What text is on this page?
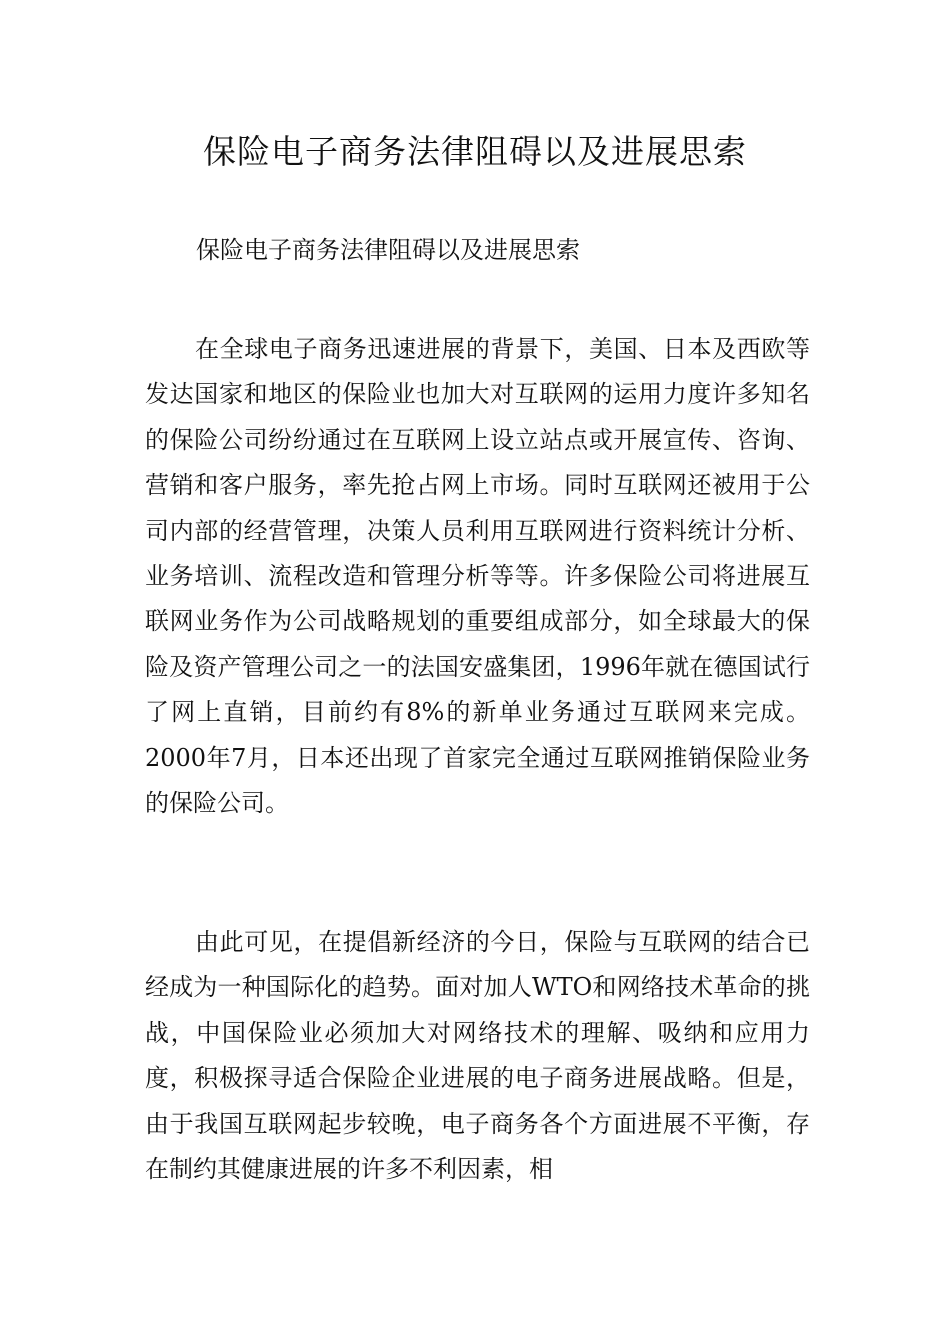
保险电子商务法律阻碍以及进展思索

保险电子商务法律阻碍以及进展思索

在全球电子商务迅速进展的背景下，美国、日本及西欧等发达国家和地区的保险业也加大对互联网的运用力度许多知名的保险公司纷纷通过在互联网上设立站点或开展宣传、咨询、营销和客户服务，率先抢占网上市场。同时互联网还被用于公司内部的经营管理，决策人员利用互联网进行资料统计分析、业务培训、流程改造和管理分析等等。许多保险公司将进展互联网业务作为公司战略规划的重要组成部分，如全球最大的保险及资产管理公司之一的法国安盛集团，1996年就在德国试行了网上直销，目前约有8%的新单业务通过互联网来完成。2000年7月，日本还出现了首家完全通过互联网推销保险业务的保险公司。

由此可见，在提倡新经济的今日，保险与互联网的结合已经成为一种国际化的趋势。面对加人WTO和网络技术革命的挑战，中国保险业必须加大对网络技术的理解、吸纳和应用力度，积极探寻适合保险企业进展的电子商务进展战略。但是，由于我国互联网起步较晚，电子商务各个方面进展不平衡，存在制约其健康进展的许多不利因素，相
